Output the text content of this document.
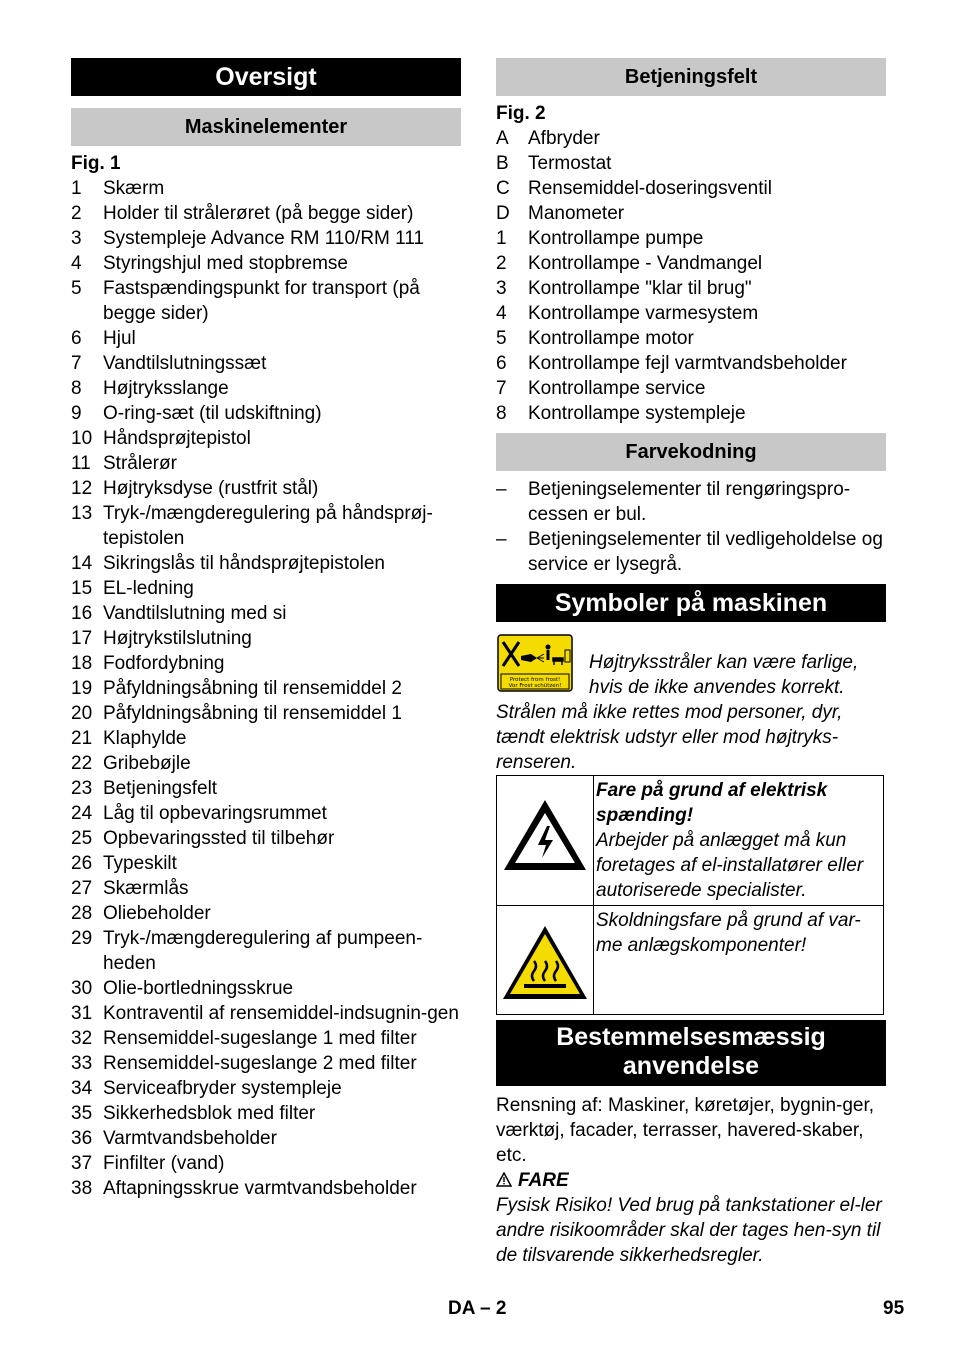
Oversigt
Maskinelementer
Fig. 1
1	Skærm
2	Holder til strålerøret (på begge sider)
3	Systempleje Advance RM 110/RM 111
4	Styringshjul med stopbremse
5	Fastspændingspunkt for transport (på begge sider)
6	Hjul
7	Vandtilslutningssæt
8	Højtryksslange
9	O-ring-sæt (til udskiftning)
10 Håndsprøjtepistol
11 Strålerør
12 Højtryksdyse (rustfrit stål)
13 Tryk-/mængderegulering på håndsprøj-tepistolen
14 Sikringslås til håndsprøjtepistolen
15 EL-ledning
16 Vandtilslutning med si
17 Højtrykstilslutning
18 Fodfordybning
19 Påfyldningsåbning til rensemiddel 2
20 Påfyldningsåbning til rensemiddel 1
21 Klaphylde
22 Gribebøjle
23 Betjeningsfelt
24 Låg til opbevaringsrummet
25 Opbevaringssted til tilbehør
26 Typeskilt
27 Skærmlås
28 Oliebeholder
29 Tryk-/mængderegulering af pumpeen-heden
30 Olie-bortledningsskrue
31 Kontraventil af rensemiddel-indsugnin-gen
32 Rensemiddel-sugeslange 1 med filter
33 Rensemiddel-sugeslange 2 med filter
34 Serviceafbryder systempleje
35 Sikkerhedsblok med filter
36 Varmtvandsbeholder
37 Finfilter (vand)
38 Aftapningsskrue varmtvandsbeholder
Betjeningsfelt
Fig. 2
A	Afbryder
B	Termostat
C Rensemiddel-doseringsventil
D Manometer
1	Kontrollampe pumpe
2	Kontrollampe - Vandmangel
3	Kontrollampe "klar til brug"
4	Kontrollampe varmesystem
5	Kontrollampe motor
6	Kontrollampe fejl varmtvandsbeholder
7	Kontrollampe service
8	Kontrollampe systempleje
Farvekodning
–	Betjeningselementer til rengøringspro-cessen er bul.
–	Betjeningselementer til vedligeholdelse og service er lysegrå.
Symboler på maskinen
Protect from frost!
Vor Frost schützen!
Højtryksstråler kan være farlige, hvis de ikke anvendes korrekt.
Strålen må ikke rettes mod personer, dyr, tændt elektrisk udstyr eller mod højtryks-renseren.

Fare på grund af elektrisk spænding!
Arbejder på anlægget må kun foretages af el-installatører eller autoriserede specialister.

Skoldningsfare på grund af var-me anlægskomponenter!
Bestemmelsesmæssig
anvendelse
Rensning af: Maskiner, køretøjer, bygnin-ger, værktøj, facader, terrasser, havered-skaber, etc.
FARE
Fysisk Risiko! Ved brug på tankstationer el-ler andre risikoområder skal der tages hen-syn til de tilsvarende sikkerhedsregler.
DA – 2	95
